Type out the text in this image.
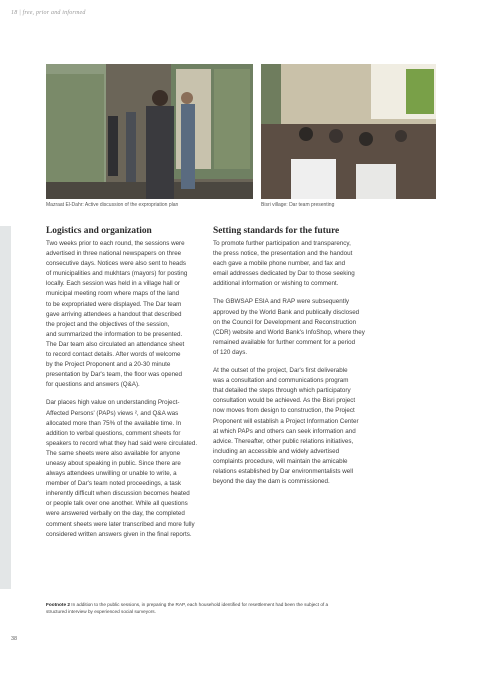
18 | free, prior and informed
Mazraat El-Dahr: Active discussion of the expropriation plan	Bisri village: Dar team presenting
Logistics and organization

Two weeks prior to each round, the sessions were
advertised in three national newspapers on three
consecutive days. Notices were also sent to heads
of municipalities and mukhtars (mayors) for posting
locally. Each session was held in a village hall or
municipal meeting room where maps of the land
to be expropriated were displayed. The Dar team
gave arriving attendees a handout that described
the project and the objectives of the session,
and summarized the information to be presented.
The Dar team also circulated an attendance sheet
to record contact details. After words of welcome
by the Project Proponent and a 20-30 minute
presentation by Dar's team, the floor was opened
for questions and answers (Q&A).

Dar places high value on understanding Project-
Affected Persons' (PAPs) views ², and Q&A was
allocated more than 75% of the available time. In
addition to verbal questions, comment sheets for
speakers to record what they had said were circulated.
The same sheets were also available for anyone
uneasy about speaking in public. Since there are
always attendees unwilling or unable to write, a
member of Dar's team noted proceedings, a task
inherently difficult when discussion becomes heated
or people talk over one another. While all questions
were answered verbally on the day, the completed
comment sheets were later transcribed and more fully
considered written answers given in the final reports.

Setting standards for the future

To promote further participation and transparency,
the press notice, the presentation and the handout
each gave a mobile phone number, and fax and
email addresses dedicated by Dar to those seeking
additional information or wishing to comment.

The GBWSAP ESIA and RAP were subsequently
approved by the World Bank and publically disclosed
on the Council for Development and Reconstruction
(CDR) website and World Bank's InfoShop, where they
remained available for further comment for a period
of 120 days.

At the outset of the project, Dar's first deliverable
was a consultation and communications program
that detailed the steps through which participatory
consultation would be achieved. As the Bisri project
now moves from design to construction, the Project
Proponent will establish a Project Information Center
at which PAPs and others can seek information and
advice. Thereafter, other public relations initiatives,
including an accessible and widely advertised
complaints procedure, will maintain the amicable
relations established by Dar environmentalists well
beyond the day the dam is commissioned.

Footnote 2 In addition to the public sessions, in preparing the RAP, each household identified for resettlement had been the subject of a
structured interview by experienced social surveyors.
38
